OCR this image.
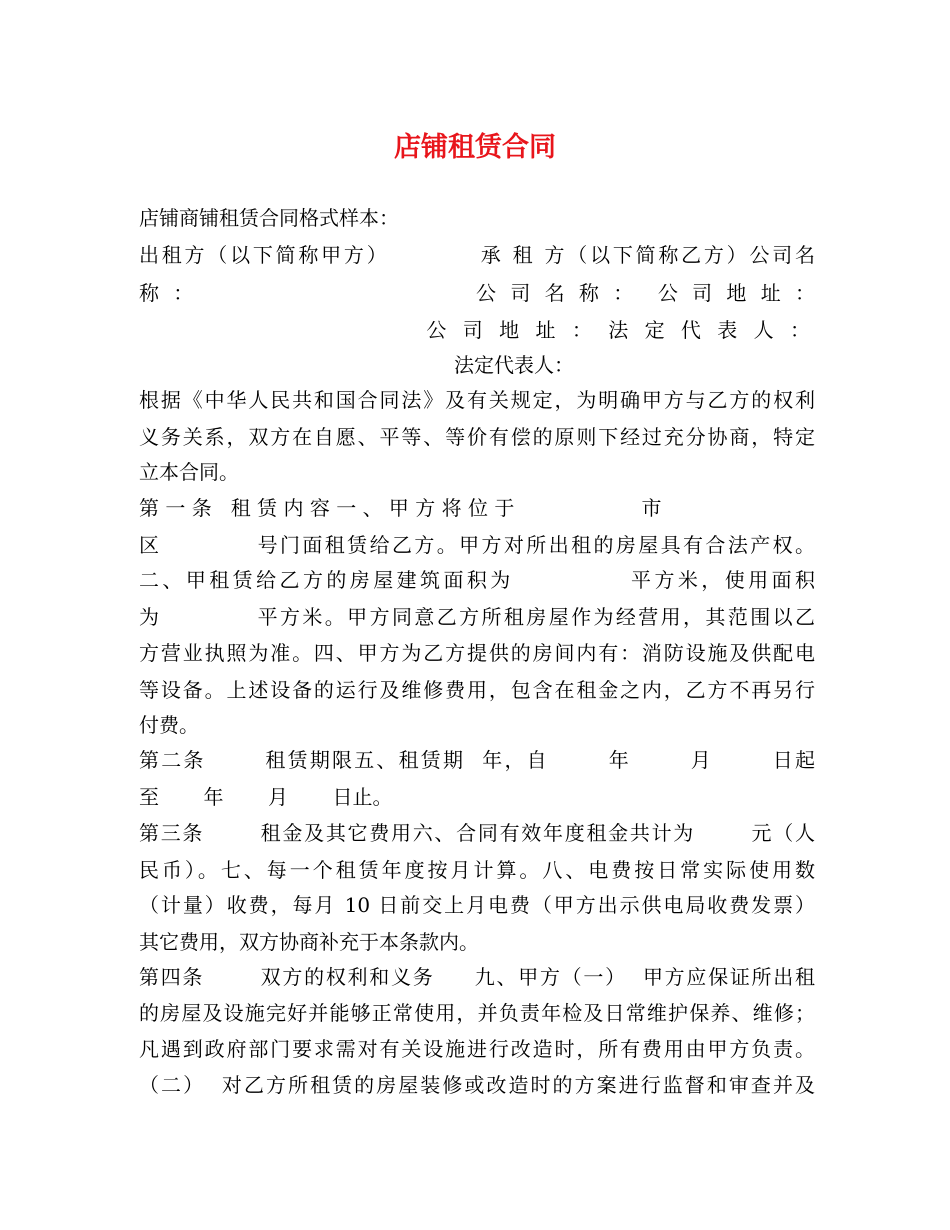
店铺租赁合同
店铺商铺租赁合同格式样本：
出租方（以下简称甲方）          承 租 方（以下简称乙方）公司名
称 ：                           公 司 名 称 ：  公 司 地 址 ：
公 司 地 址 ： 法 定 代 表 人 ：
法定代表人：
根据《中华人民共和国合同法》及有关规定，为明确甲方与乙方的权利
义务关系，双方在自愿、平等、等价有偿的原则下经过充分协商，特定
立本合同。
第 一 条   租 赁 内 容 一 、 甲 方 将 位 于                    市
区           号门面租赁给乙方。甲方对所出租的房屋具有合法产权。
二、甲租赁给乙方的房屋建筑面积为            平方米，使用面积
为           平方米。甲方同意乙方所租房屋作为经营用，其范围以乙
方营业执照为准。四、甲方为乙方提供的房间内有：消防设施及供配电
等设备。上述设备的运行及维修费用，包含在租金之内，乙方不再另行
付费。
第二条       租赁期限五、租赁期  年，自       年       月       日起
至       年       月       日止。
第三条       租金及其它费用六、合同有效年度租金共计为       元（人
民币）。七、每一个租赁年度按月计算。八、电费按日常实际使用数
（计量）收费，每月 10 日前交上月电费（甲方出示供电局收费发票）
其它费用，双方协商补充于本条款内。
第四条       双方的权利和义务     九、甲方（一）  甲方应保证所出租
的房屋及设施完好并能够正常使用，并负责年检及日常维护保养、维修；
凡遇到政府部门要求需对有关设施进行改造时，所有费用由甲方负责。
（二）  对乙方所租赁的房屋装修或改造时的方案进行监督和审查并及
